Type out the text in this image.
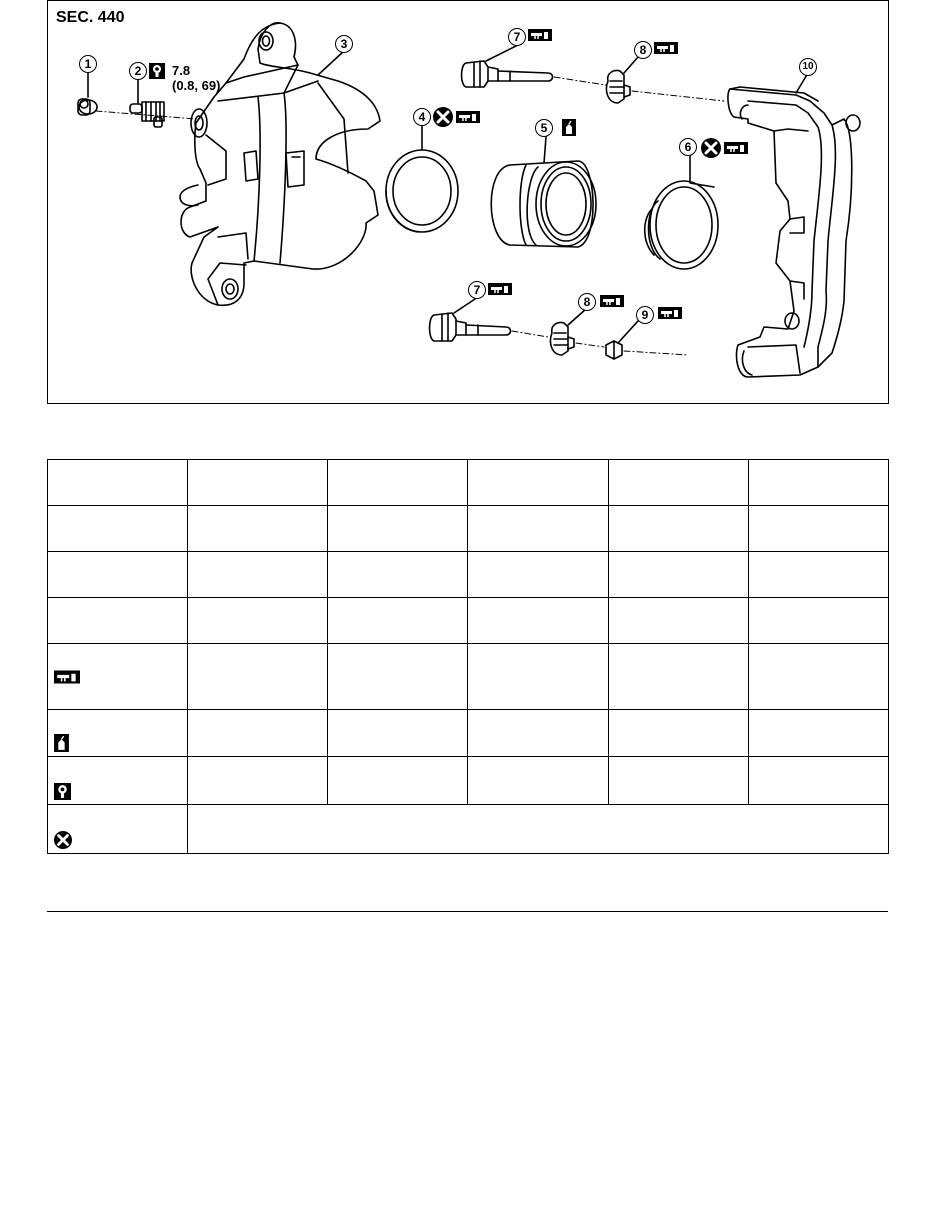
SEC. 440
1	2
3
4
5
6
7
8
10
7
8
9
7.8
(0.8, 69)
